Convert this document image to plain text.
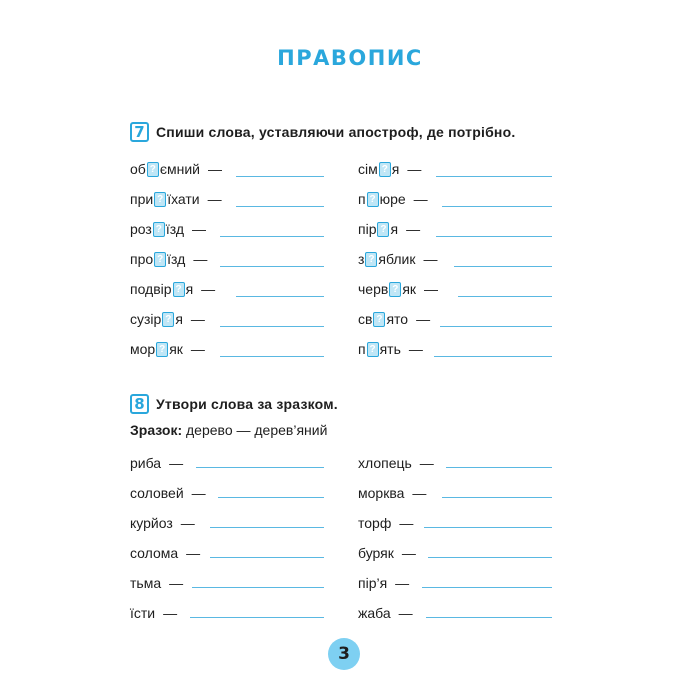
ПРАВОПИС
7 Спиши слова, уставляючи апостроф, де потрібно.
об ? ємний —
при ? їхати —
роз ? їзд —
про ? їзд —
подвір ? я —
сузір ? я —
мор ? як —
сім ? я —
п ? юре —
пір ? я —
з ? яблик —
черв ? як —
св ? ято —
п ? ять —
8 Утвори слова за зразком.
Зразок: дерево — дерев’яний
риба —
соловей —
курйоз —
солома —
тьма —
їсти —
хлопець —
морква —
торф —
буряк —
пір’я —
жаба —
3
